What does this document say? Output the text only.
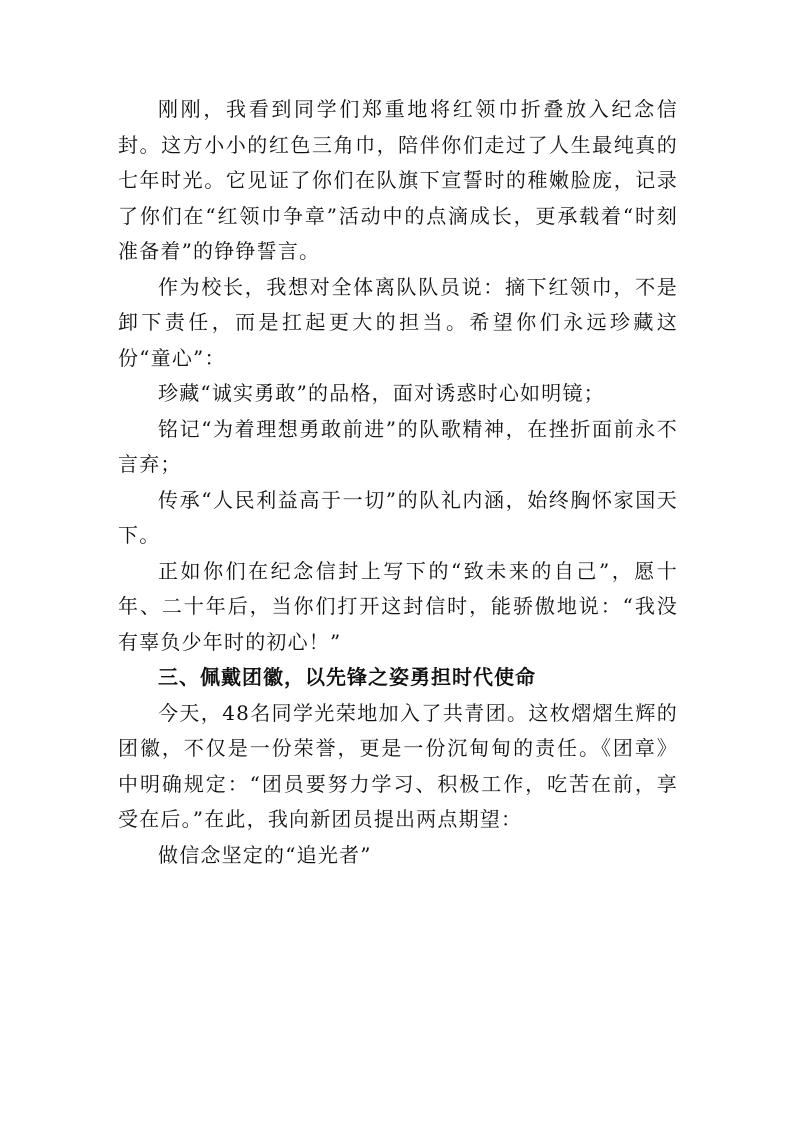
刚刚，我看到同学们郑重地将红领巾折叠放入纪念信封。这方小小的红色三角巾，陪伴你们走过了人生最纯真的七年时光。它见证了你们在队旗下宣誓时的稚嫩脸庞，记录了你们在“红领巾争章”活动中的点滴成长，更承载着“时刻准备着”的铮铮誓言。

作为校长，我想对全体离队队员说：摘下红领巾，不是卸下责任，而是扛起更大的担当。希望你们永远珍藏这份“童心”：

珍藏“诚实勇敢”的品格，面对诱惑时心如明镜；

铭记“为着理想勇敢前进”的队歌精神，在挫折面前永不言弃；

传承“人民利益高于一切”的队礼内涵，始终胸怀家国天下。

正如你们在纪念信封上写下的“致未来的自己”，愿十年、二十年后，当你们打开这封信时，能骄傲地说：“我没有辜负少年时的初心！”

三、佩戴团徽，以先锋之姿勇担时代使命

今天，48名同学光荣地加入了共青团。这枚熠熠生辉的团徽，不仅是一份荣誉，更是一份沉甸甸的责任。《团章》中明确规定：“团员要努力学习、积极工作，吃苦在前，享受在后。”在此，我向新团员提出两点期望：

做信念坚定的“追光者”
